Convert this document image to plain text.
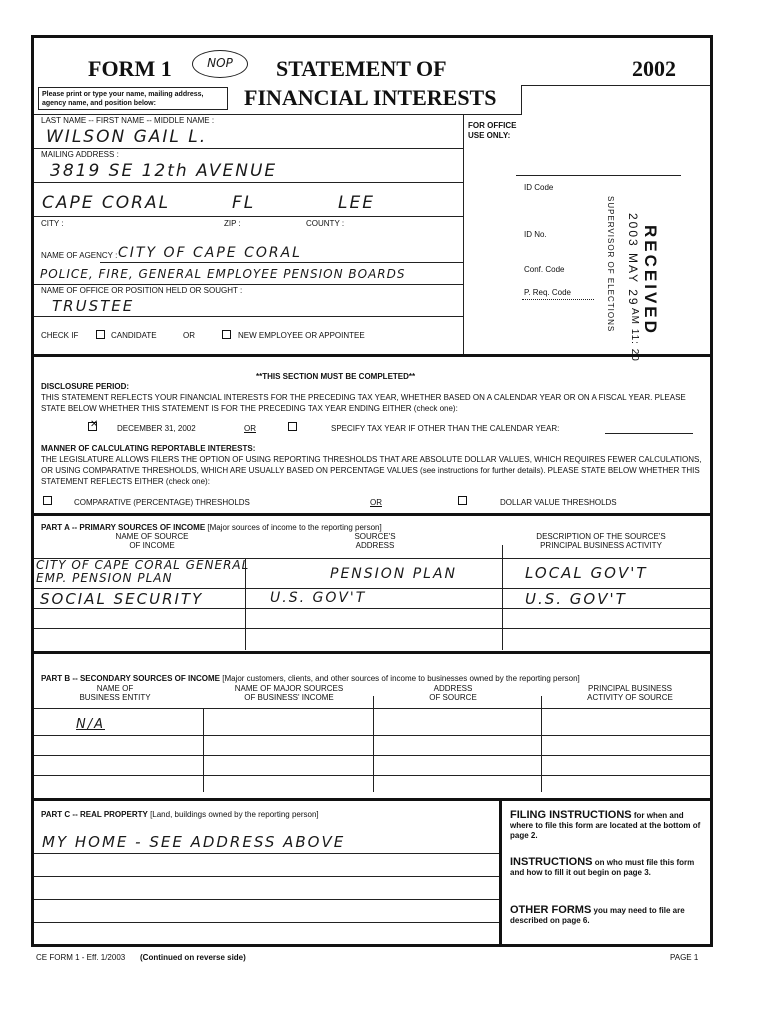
FORM 1	NOP	STATEMENT OF
FINANCIAL INTERESTS
2002
Please print or type your name, mailing address, agency name, and position below:
LAST NAME -- FIRST NAME -- MIDDLE NAME :
WILSON GAIL L.
MAILING ADDRESS :
3819 SE 12th AVENUE
CAPE CORAL	FL	LEE
CITY :	ZIP :	COUNTY :
NAME OF AGENCY : CITY OF CAPE CORAL
POLICE, FIRE, GENERAL EMPLOYEE PENSION BOARDS
NAME OF OFFICE OR POSITION HELD OR SOUGHT :
TRUSTEE
CHECK IF	CANDIDATE	OR	NEW EMPLOYEE OR APPOINTEE
FOR OFFICE USE ONLY:
ID Code
ID No.
Conf. Code
P. Req. Code	RECEIVED
2003 MAY 29
AM 11: 20
SUPERVISOR OF ELECTIONS
**THIS SECTION MUST BE COMPLETED**
DISCLOSURE PERIOD:
THIS STATEMENT REFLECTS YOUR FINANCIAL INTERESTS FOR THE PRECEDING TAX YEAR, WHETHER BASED ON A CALENDAR YEAR OR ON A FISCAL YEAR. PLEASE STATE BELOW WHETHER THIS STATEMENT IS FOR THE PRECEDING TAX YEAR ENDING EITHER (check one):
✕ DECEMBER 31, 2002	OR	SPECIFY TAX YEAR IF OTHER THAN THE CALENDAR YEAR:
MANNER OF CALCULATING REPORTABLE INTERESTS:
THE LEGISLATURE ALLOWS FILERS THE OPTION OF USING REPORTING THRESHOLDS THAT ARE ABSOLUTE DOLLAR VALUES, WHICH REQUIRES FEWER CALCULATIONS, OR USING COMPARATIVE THRESHOLDS, WHICH ARE USUALLY BASED ON PERCENTAGE VALUES (see instructions for further details). PLEASE STATE BELOW WHETHER THIS STATEMENT REFLECTS EITHER (check one):
COMPARATIVE (PERCENTAGE) THRESHOLDS	OR	DOLLAR VALUE THRESHOLDS
PART A -- PRIMARY SOURCES OF INCOME [Major sources of income to the reporting person]
NAME OF SOURCE
OF INCOME
SOURCE'S
ADDRESS
DESCRIPTION OF THE SOURCE'S
PRINCIPAL BUSINESS ACTIVITY
CITY OF CAPE CORAL GENERAL EMP. PENSION PLAN	PENSION PLAN	LOCAL GOV'T
SOCIAL SECURITY	U.S. GOV'T	U.S. GOV'T
PART B -- SECONDARY SOURCES OF INCOME [Major customers, clients, and other sources of income to businesses owned by the reporting person]
NAME OF
BUSINESS ENTITY
NAME OF MAJOR SOURCES
OF BUSINESS' INCOME
ADDRESS
OF SOURCE
PRINCIPAL BUSINESS
ACTIVITY OF SOURCE
N/A
PART C -- REAL PROPERTY [Land, buildings owned by the reporting person]
MY HOME - SEE ADDRESS ABOVE
FILING INSTRUCTIONS for when and where to file this form are located at the bottom of page 2.
INSTRUCTIONS on who must file this form and how to fill it out begin on page 3.
OTHER FORMS you may need to file are described on page 6.
CE FORM 1 - Eff. 1/2003 (Continued on reverse side)	PAGE 1
